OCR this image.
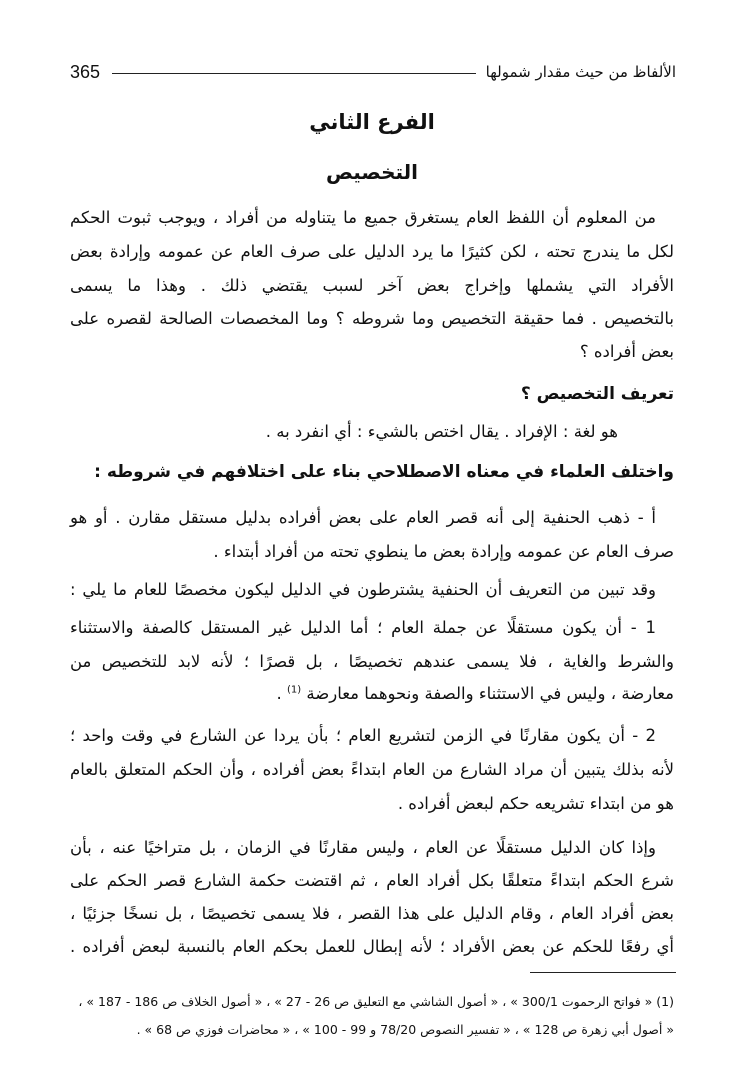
365	الألفاظ من حيث مقدار شمولها
الفرع الثاني
التخصيص
من المعلوم أن اللفظ العام يستغرق جميع ما يتناوله من أفراد ، ويوجب ثبوت الحكم
لكل ما يندرج تحته ، لكن كثيرًا ما يرد الدليل على صرف العام عن عمومه وإرادة بعض
الأفراد التي يشملها وإخراج بعض آخر لسبب يقتضي ذلك . وهذا ما يسمى
بالتخصيص . فما حقيقة التخصيص وما شروطه ؟ وما المخصصات الصالحة لقصره على
بعض أفراده ؟
تعريف التخصيص ؟
هو لغة : الإفراد . يقال اختص بالشيء : أي انفرد به .
واختلف العلماء في معناه الاصطلاحي بناء على اختلافهم في شروطه :
أ - ذهب الحنفية إلى أنه قصر العام على بعض أفراده بدليل مستقل مقارن . أو هو
صرف العام عن عمومه وإرادة بعض ما ينطوي تحته من أفراد أبتداء .
وقد تبين من التعريف أن الحنفية يشترطون في الدليل ليكون مخصصًا للعام ما يلي :
1 - أن يكون مستقلًا عن جملة العام ؛ أما الدليل غير المستقل كالصفة والاستثناء
والشرط والغاية ، فلا يسمى عندهم تخصيصًا ، بل قصرًا ؛ لأنه لابد للتخصيص من
معارضة ، وليس في الاستثناء والصفة ونحوهما معارضة $^{(1)}$ .
2 - أن يكون مقارنًا في الزمن لتشريع العام ؛ بأن يردا عن الشارع في وقت واحد ؛
لأنه بذلك يتبين أن مراد الشارع من العام ابتداءً بعض أفراده ، وأن الحكم المتعلق بالعام
هو من ابتداء تشريعه حكم لبعض أفراده .
وإذا كان الدليل مستقلًا عن العام ، وليس مقارنًا في الزمان ، بل متراخيًا عنه ، بأن
شرع الحكم ابتداءً متعلقًا بكل أفراد العام ، ثم اقتضت حكمة الشارع قصر الحكم على
بعض أفراد العام ، وقام الدليل على هذا القصر ، فلا يسمى تخصيصًا ، بل نسخًا جزئيًا ،
أي رفعًا للحكم عن بعض الأفراد ؛ لأنه إبطال للعمل بحكم العام بالنسبة لبعض أفراده .
(1) « فواتح الرحموت 300/1 » ، « أصول الشاشي مع التعليق ص 26 - 27 » ، « أصول الخلاف ص 186 - 187 » ،
« أصول أبي زهرة ص 128 » ، « تفسير النصوص 78/20 و 99 - 100 » ، « محاضرات فوزي ص 68 » .
